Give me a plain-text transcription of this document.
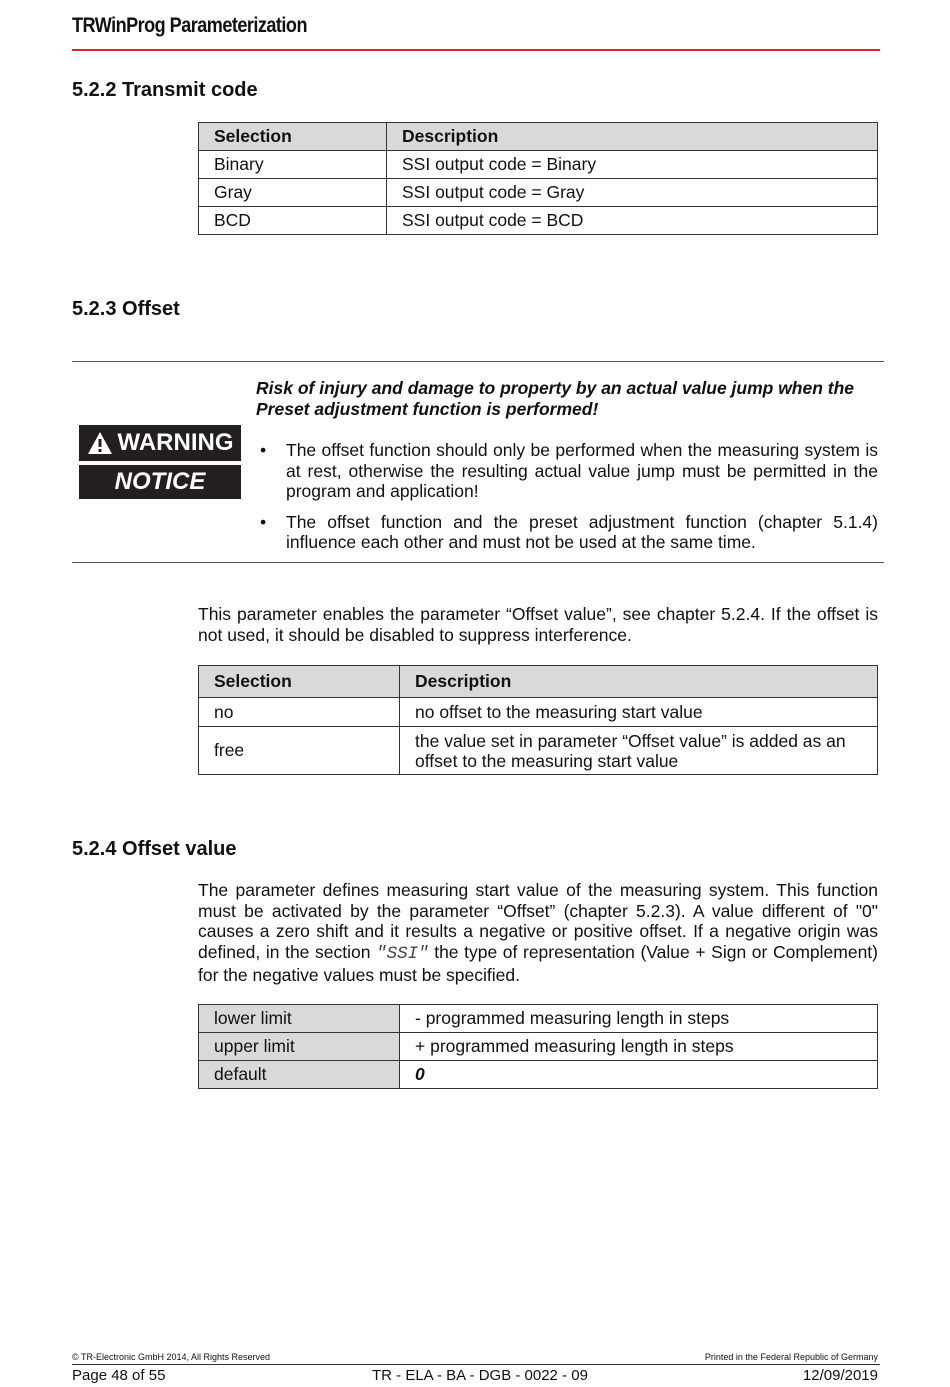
TRWinProg Parameterization
5.2.2 Transmit code
Selection	Description
Binary	SSI output code = Binary
Gray	SSI output code = Gray
BCD	SSI output code = BCD
5.2.3 Offset
WARNING
NOTICE
Risk of injury and damage to property by an actual value jump when the Preset adjustment function is performed!
• The offset function should only be performed when the measuring system is at rest, otherwise the resulting actual value jump must be permitted in the program and application!
• The offset function and the preset adjustment function (chapter 5.1.4) influence each other and must not be used at the same time.
This parameter enables the parameter “Offset value”, see chapter 5.2.4. If the offset is not used, it should be disabled to suppress interference.
Selection	Description
no	no offset to the measuring start value
free	the value set in parameter “Offset value” is added as an offset to the measuring start value
5.2.4 Offset value
The parameter defines measuring start value of the measuring system. This function must be activated by the parameter “Offset” (chapter 5.2.3). A value different of "0" causes a zero shift and it results a negative or positive offset. If a negative origin was defined, in the section "SSI" the type of representation (Value + Sign or Complement) for the negative values must be specified.
lower limit	- programmed measuring length in steps
upper limit	+ programmed measuring length in steps
default	0
© TR-Electronic GmbH 2014, All Rights Reserved	Printed in the Federal Republic of Germany
Page 48 of 55	TR - ELA - BA - DGB - 0022 - 09	12/09/2019
